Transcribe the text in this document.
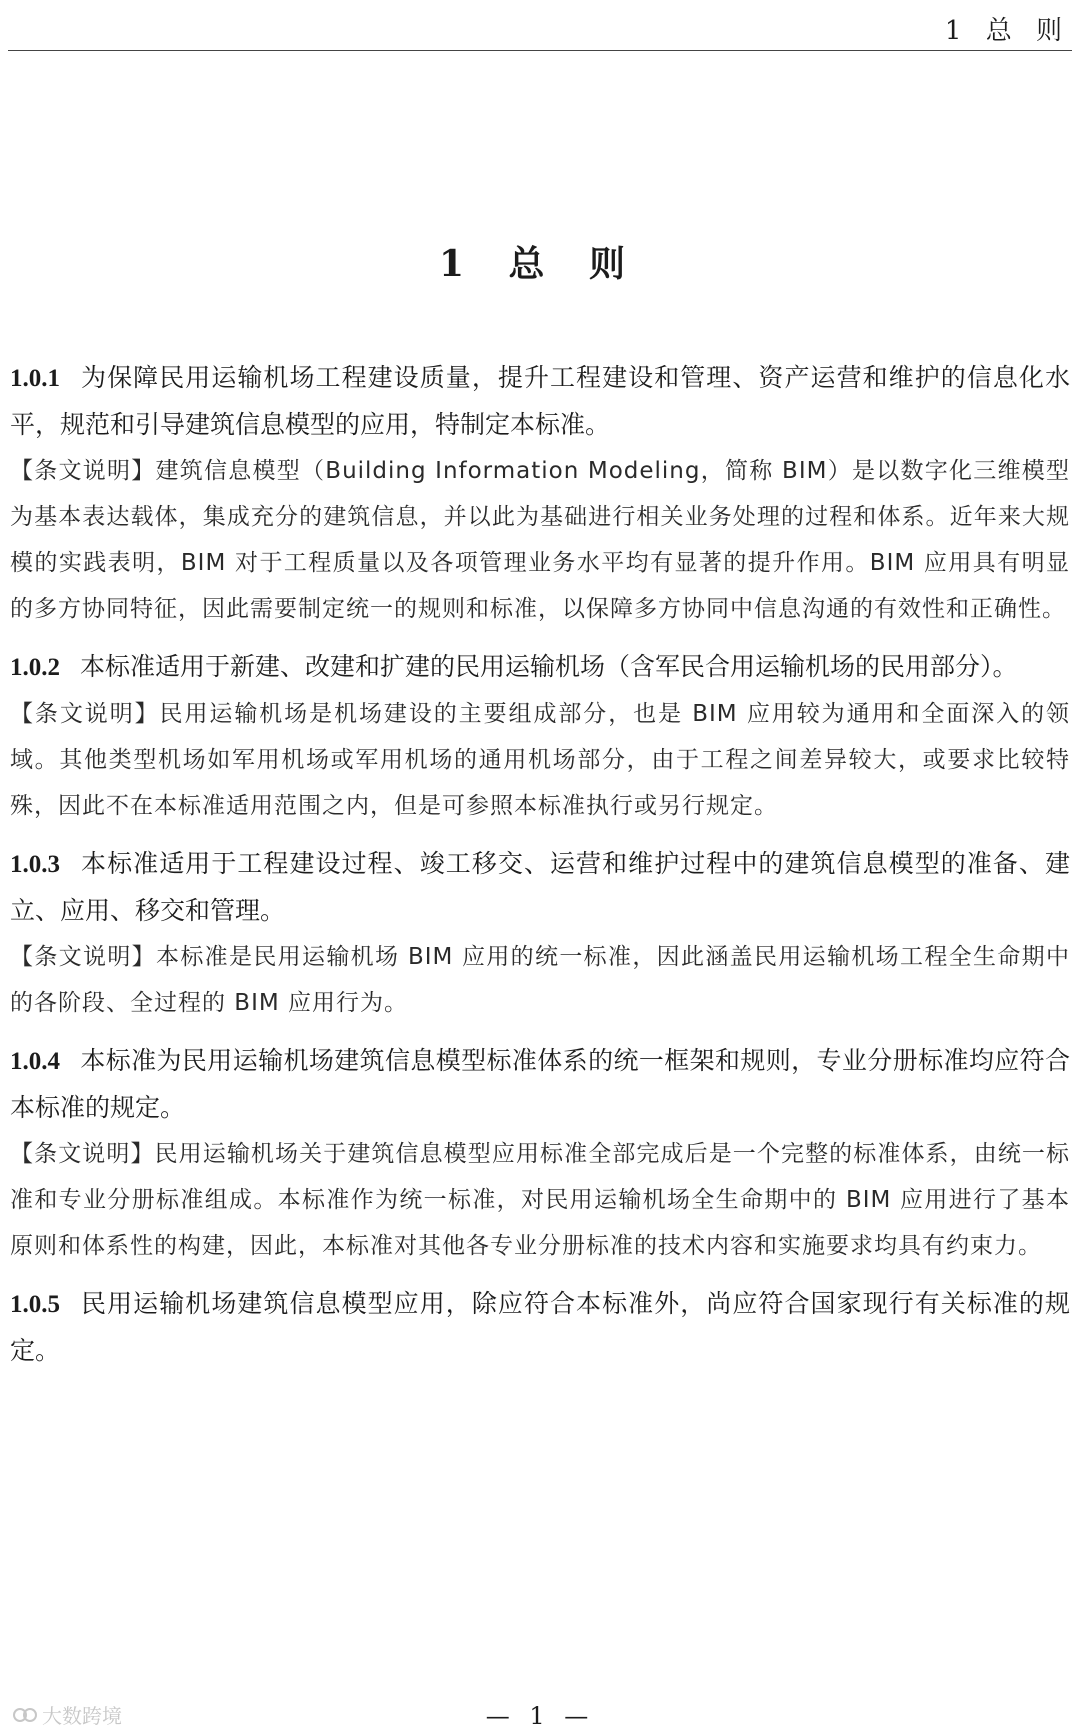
1 总 则
1 总 则

1.0.1 为保障民用运输机场工程建设质量，提升工程建设和管理、资产运营和维护的信息化水平，规范和引导建筑信息模型的应用，特制定本标准。

【条文说明】建筑信息模型（Building Information Modeling，简称 BIM）是以数字化三维模型为基本表达载体，集成充分的建筑信息，并以此为基础进行相关业务处理的过程和体系。近年来大规模的实践表明，BIM 对于工程质量以及各项管理业务水平均有显著的提升作用。BIM 应用具有明显的多方协同特征，因此需要制定统一的规则和标准，以保障多方协同中信息沟通的有效性和正确性。

1.0.2 本标准适用于新建、改建和扩建的民用运输机场（含军民合用运输机场的民用部分）。

【条文说明】民用运输机场是机场建设的主要组成部分，也是 BIM 应用较为通用和全面深入的领域。其他类型机场如军用机场或军用机场的通用机场部分，由于工程之间差异较大，或要求比较特殊，因此不在本标准适用范围之内，但是可参照本标准执行或另行规定。

1.0.3 本标准适用于工程建设过程、竣工移交、运营和维护过程中的建筑信息模型的准备、建立、应用、移交和管理。

【条文说明】本标准是民用运输机场 BIM 应用的统一标准，因此涵盖民用运输机场工程全生命期中的各阶段、全过程的 BIM 应用行为。

1.0.4 本标准为民用运输机场建筑信息模型标准体系的统一框架和规则，专业分册标准均应符合本标准的规定。

【条文说明】民用运输机场关于建筑信息模型应用标准全部完成后是一个完整的标准体系，由统一标准和专业分册标准组成。本标准作为统一标准，对民用运输机场全生命期中的 BIM 应用进行了基本原则和体系性的构建，因此，本标准对其他各专业分册标准的技术内容和实施要求均具有约束力。

1.0.5 民用运输机场建筑信息模型应用，除应符合本标准外，尚应符合国家现行有关标准的规定。

大数跨境	— 1 —
